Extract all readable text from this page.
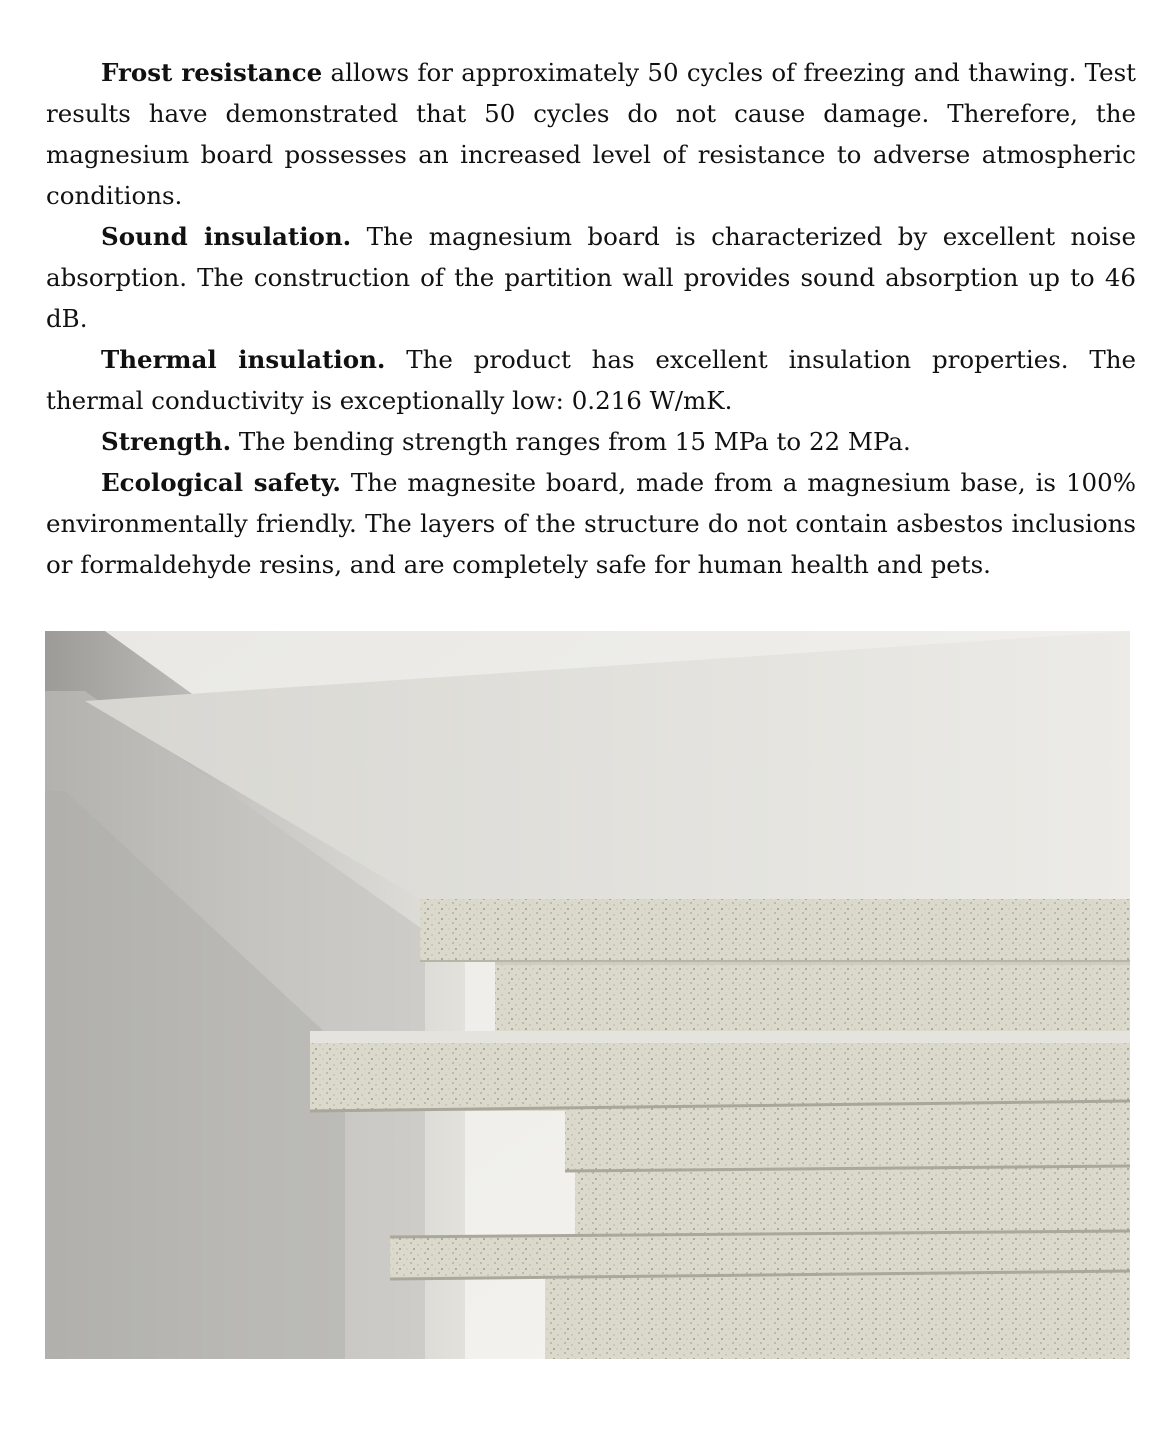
Frost resistance allows for approximately 50 cycles of freezing and thawing. Test results have demonstrated that 50 cycles do not cause damage. Therefore, the magnesium board possesses an increased level of resistance to adverse atmospheric conditions.

Sound insulation. The magnesium board is characterized by excellent noise absorption. The construction of the partition wall provides sound absorption up to 46 dB.

Thermal insulation. The product has excellent insulation properties. The thermal conductivity is exceptionally low: 0.216 W/mK.

Strength. The bending strength ranges from 15 MPa to 22 MPa.

Ecological safety. The magnesite board, made from a magnesium base, is 100% environmentally friendly. The layers of the structure do not contain asbestos inclusions or formaldehyde resins, and are completely safe for human health and pets.
